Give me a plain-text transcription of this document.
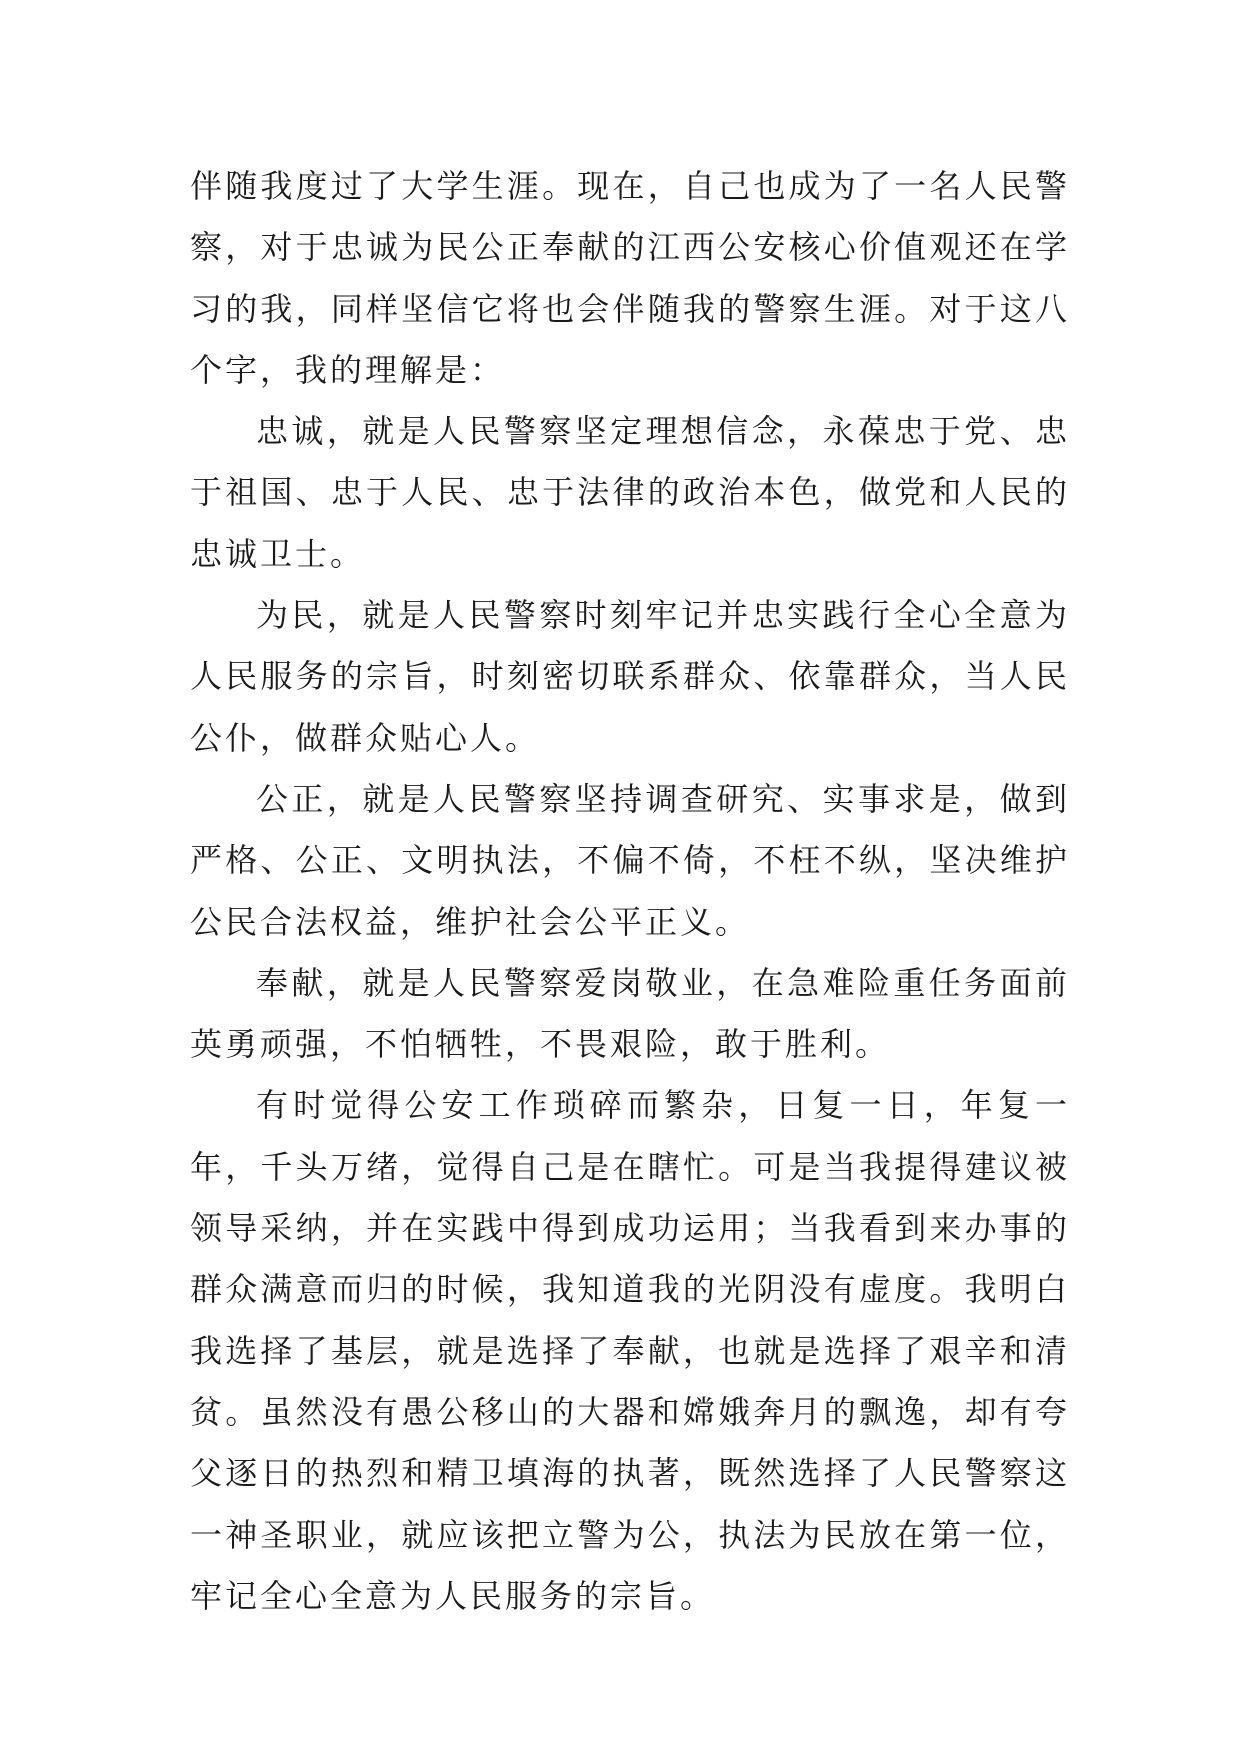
伴随我度过了大学生涯。现在，自己也成为了一名人民警察，对于忠诚为民公正奉献的江西公安核心价值观还在学习的我，同样坚信它将也会伴随我的警察生涯。对于这八个字，我的理解是：

忠诚，就是人民警察坚定理想信念，永葆忠于党、忠于祖国、忠于人民、忠于法律的政治本色，做党和人民的忠诚卫士。

为民，就是人民警察时刻牢记并忠实践行全心全意为人民服务的宗旨，时刻密切联系群众、依靠群众，当人民公仆，做群众贴心人。

公正，就是人民警察坚持调查研究、实事求是，做到严格、公正、文明执法，不偏不倚，不枉不纵，坚决维护公民合法权益，维护社会公平正义。

奉献，就是人民警察爱岗敬业，在急难险重任务面前英勇顽强，不怕牺牲，不畏艰险，敢于胜利。

有时觉得公安工作琐碎而繁杂，日复一日，年复一年，千头万绪，觉得自己是在瞎忙。可是当我提得建议被领导采纳，并在实践中得到成功运用；当我看到来办事的群众满意而归的时候，我知道我的光阴没有虚度。我明白我选择了基层，就是选择了奉献，也就是选择了艰辛和清贫。虽然没有愚公移山的大器和嫦娥奔月的飘逸，却有夸父逐日的热烈和精卫填海的执著，既然选择了人民警察这一神圣职业，就应该把立警为公，执法为民放在第一位，牢记全心全意为人民服务的宗旨。
